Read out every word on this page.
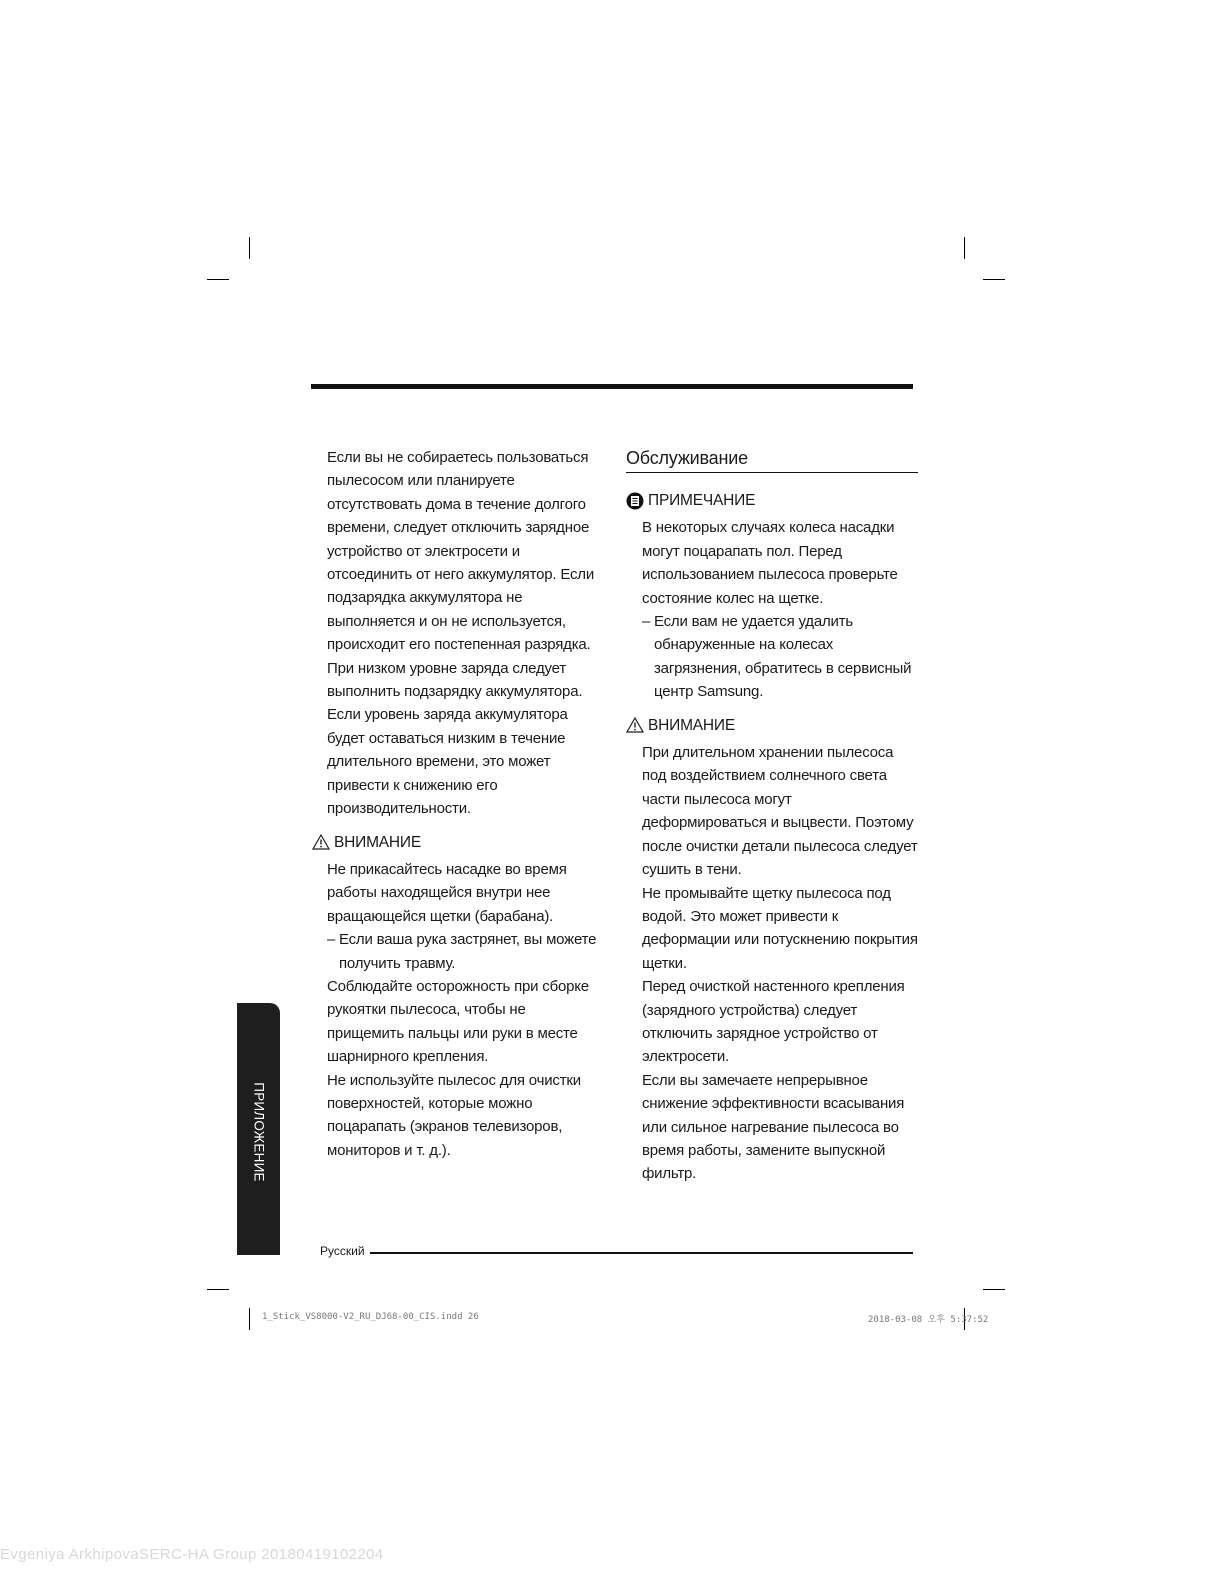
Если вы не собираетесь пользоваться пылесосом или планируете отсутствовать дома в течение долгого времени, следует отключить зарядное устройство от электросети и отсоединить от него аккумулятор. Если подзарядка аккумулятора не выполняется и он не используется, происходит его постепенная разрядка.

При низком уровне заряда следует выполнить подзарядку аккумулятора.

Если уровень заряда аккумулятора будет оставаться низким в течение длительного времени, это может привести к снижению его производительности.

ВНИМАНИЕ

Не прикасайтесь насадке во время работы находящейся внутри нее вращающейся щетки (барабана).

– Если ваша рука застрянет, вы можете получить травму.

Соблюдайте осторожность при сборке рукоятки пылесоса, чтобы не прищемить пальцы или руки в месте шарнирного крепления.

Не используйте пылесос для очистки поверхностей, которые можно поцарапать (экранов телевизоров, мониторов и т. д.).

Обслуживание
ПРИМЕЧАНИЕ

В некоторых случаях колеса насадки могут поцарапать пол. Перед использованием пылесоса проверьте состояние колес на щетке.

– Если вам не удается удалить обнаруженные на колесах загрязнения, обратитесь в сервисный центр Samsung.
ВНИМАНИЕ

При длительном хранении пылесоса под воздействием солнечного света части пылесоса могут деформироваться и выцвести. Поэтому после очистки детали пылесоса следует сушить в тени.

Не промывайте щетку пылесоса под водой. Это может привести к деформации или потускнению покрытия щетки.

Перед очисткой настенного крепления (зарядного устройства) следует отключить зарядное устройство от электросети.

Если вы замечаете непрерывное снижение эффективности всасывания или сильное нагревание пылесоса во время работы, замените выпускной фильтр.

ПРИЛОЖЕНИЕ
Русский
1_Stick_VS8000-V2_RU_DJ68-00_CIS.indd 26	2018-03-08 오후 5:37:52
Evgeniya ArkhipovaSERC-HA Group 20180419102204
